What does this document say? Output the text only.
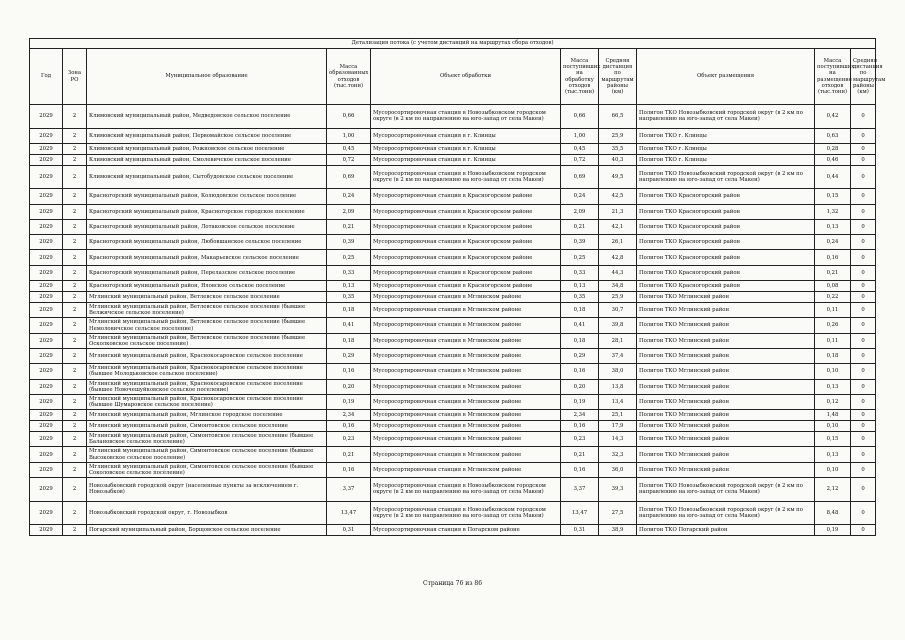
Детализация потока (с учетом дистанций на маршрутах сбора отходов)									
Год	Зона РО	Муниципальное образование	Масса образованных отходов (тыс.тонн)	Объект обработки	Масса поступивших на обработку отходов (тыс.тонн)	Средняя дистанция по маршрутам районы (км)	Объект размещения	Масса поступивших на размещение отходов (тыс.тонн)	Средняя дистанция по маршрутам районы (км)
2029	2	Климовский муниципальный район, Медведовское сельское поселение	0,66	Мусоросортировочная станция в Новозыбковском городском округе (в 2 км по направлению на юго-запад от села Макеи)	0,66	66,5	Полигон ТКО Новозыбковский городской округ (в 2 км по направлению на юго-запад от села Макеи)	0,42	0
2029	2	Климовский муниципальный район, Первомайское сельское поселение	1,00	Мусоросортировочная станция в г. Клинцы	1,00	25,9	Полигон ТКО г. Клинцы	0,63	0
2029	2	Климовский муниципальный район, Рожновское сельское поселение	0,45	Мусоросортировочная станция в г. Клинцы	0,45	35,5	Полигон ТКО г. Клинцы	0,28	0
2029	2	Климовский муниципальный район, Смолевичское сельское поселение	0,72	Мусоросортировочная станция в г. Клинцы	0,72	40,3	Полигон ТКО г. Клинцы	0,46	0
2029	2	Климовский муниципальный район, Сытобудовское сельское поселение	0,69	Мусоросортировочная станция в Новозыбковском городском округе (в 2 км по направлению на юго-запад от села Макеи)	0,69	49,5	Полигон ТКО Новозыбковский городской округ (в 2 км по направлению на юго-запад от села Макеи)	0,44	0
2029	2	Красногорский муниципальный район, Колюдовское сельское поселение	0,24	Мусоросортировочная станция в Красногорском районе	0,24	42,5	Полигон ТКО Красногорский район	0,15	0
2029	2	Красногорский муниципальный район, Красногорское городское поселение	2,09	Мусоросортировочная станция в Красногорском районе	2,09	21,3	Полигон ТКО Красногорский район	1,32	0
2029	2	Красногорский муниципальный район, Лотаковское сельское поселение	0,21	Мусоросортировочная станция в Красногорском районе	0,21	42,1	Полигон ТКО Красногорский район	0,13	0
2029	2	Красногорский муниципальный район, Любовшанское сельское поселение	0,39	Мусоросортировочная станция в Красногорском районе	0,39	26,1	Полигон ТКО Красногорский район	0,24	0
2029	2	Красногорский муниципальный район, Макарьевское сельское поселение	0,25	Мусоросортировочная станция в Красногорском районе	0,25	42,8	Полигон ТКО Красногорский район	0,16	0
2029	2	Красногорский муниципальный район, Перелазское сельское поселение	0,33	Мусоросортировочная станция в Красногорском районе	0,33	44,3	Полигон ТКО Красногорский район	0,21	0
2029	2	Красногорский муниципальный район, Яловское сельское поселение	0,13	Мусоросортировочная станция в Красногорском районе	0,13	34,8	Полигон ТКО Красногорский район	0,08	0
2029	2	Мглинский муниципальный район, Ветлевское сельское поселение	0,35	Мусоросортировочная станция в Мглинском районе	0,35	25,9	Полигон ТКО Мглинский район	0,22	0
2029	2	Мглинский муниципальный район, Ветлевское сельское поселение (бывшее Велжичское сельское поселение)	0,18	Мусоросортировочная станция в Мглинском районе	0,18	30,7	Полигон ТКО Мглинский район	0,11	0
2029	2	Мглинский муниципальный район, Ветлевское сельское поселение (бывшее Немоловичское сельское поселение)	0,41	Мусоросортировочная станция в Мглинском районе	0,41	39,8	Полигон ТКО Мглинский район	0,26	0
2029	2	Мглинский муниципальный район, Ветлевское сельское поселение (бывшее Осколковское сельское поселение)	0,18	Мусоросортировочная станция в Мглинском районе	0,18	28,1	Полигон ТКО Мглинский район	0,11	0
2029	2	Мглинский муниципальный район, Краснокосаровское сельское поселение	0,29	Мусоросортировочная станция в Мглинском районе	0,29	37,4	Полигон ТКО Мглинский район	0,18	0
2029	2	Мглинский муниципальный район, Краснокосаровское сельское поселение (бывшее Молодьковское сельское поселение)	0,16	Мусоросортировочная станция в Мглинском районе	0,16	38,0	Полигон ТКО Мглинский район	0,10	0
2029	2	Мглинский муниципальный район, Краснокосаровское сельское поселение (бывшее Новочешуйковское сельское поселение)	0,20	Мусоросортировочная станция в Мглинском районе	0,20	13,8	Полигон ТКО Мглинский район	0,13	0
2029	2	Мглинский муниципальный район, Краснокосаровское сельское поселение (бывшее Шумаровское сельское поселение)	0,19	Мусоросортировочная станция в Мглинском районе	0,19	13,4	Полигон ТКО Мглинский район	0,12	0
2029	2	Мглинский муниципальный район, Мглинское городское поселение	2,34	Мусоросортировочная станция в Мглинском районе	2,34	25,1	Полигон ТКО Мглинский район	1,48	0
2029	2	Мглинский муниципальный район, Симонтовское сельское поселение	0,16	Мусоросортировочная станция в Мглинском районе	0,16	17,9	Полигон ТКО Мглинский район	0,10	0
2029	2	Мглинский муниципальный район, Симонтовское сельское поселение (бывшее Балановское сельское поселение)	0,23	Мусоросортировочная станция в Мглинском районе	0,23	14,3	Полигон ТКО Мглинский район	0,15	0
2029	2	Мглинский муниципальный район, Симонтовское сельское поселение (бывшее Высоковское сельское поселение)	0,21	Мусоросортировочная станция в Мглинском районе	0,21	32,3	Полигон ТКО Мглинский район	0,13	0
2029	2	Мглинский муниципальный район, Симонтовское сельское поселение (бывшее Соколовское сельское поселение)	0,16	Мусоросортировочная станция в Мглинском районе	0,16	36,0	Полигон ТКО Мглинский район	0,10	0
2029	2	Новозыбковский городской округ (населенные пункты за исключением г. Новозыбков)	3,37	Мусоросортировочная станция в Новозыбковском городском округе (в 2 км по направлению на юго-запад от села Макеи)	3,37	39,3	Полигон ТКО Новозыбковский городской округ (в 2 км по направлению на юго-запад от села Макеи)	2,12	0
2029	2	Новозыбковский городской округ, г. Новозыбков	13,47	Мусоросортировочная станция в Новозыбковском городском округе (в 2 км по направлению на юго-запад от села Макеи)	13,47	27,5	Полигон ТКО Новозыбковский городской округ (в 2 км по направлению на юго-запад от села Макеи)	8,48	0
2029	2	Погарский муниципальный район, Борщовское сельское поселение	0,31	Мусоросортировочная станция в Погарском районе	0,31	38,9	Полигон ТКО Погарский район	0,19	0
Страница 76 из 86
